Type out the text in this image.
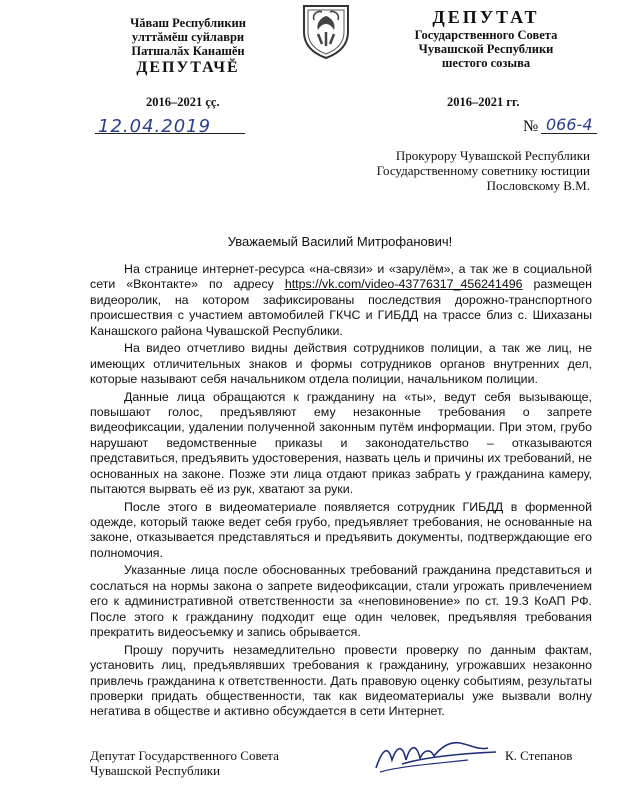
Чăваш Республикин
улттăмĕш суйлаври
Патшалăх Канашĕн
ДЕПУТАЧĔ
2016–2021 çç.
ДЕПУТАТ
Государственного Совета
Чувашской Республики
шестого созыва
2016–2021 гг.
12.04.2019	№ 066-4
Прокурору Чувашской Республики
Государственному советнику юстиции
Пословскому В.М.
Уважаемый Василий Митрофанович!

На странице интернет-ресурса «на-связи» и «зарулём», а так же в социальной сети «Вконтакте» по адресу https://vk.com/video-43776317_456241496 размещен видеоролик, на котором зафиксированы последствия дорожно-транспортного происшествия с участием автомобилей ГКЧС и ГИБДД на трассе близ с. Шихазаны Канашского района Чувашской Республики.

На видео отчетливо видны действия сотрудников полиции, а так же лиц, не имеющих отличительных знаков и формы сотрудников органов внутренних дел, которые называют себя начальником отдела полиции, начальником полиции.

Данные лица обращаются к гражданину на «ты», ведут себя вызывающе, повышают голос, предъявляют ему незаконные требования о запрете видеофиксации, удалении полученной законным путём информации. При этом, грубо нарушают ведомственные приказы и законодательство – отказываются представиться, предъявить удостоверения, назвать цель и причины их требований, не основанных на законе. Позже эти лица отдают приказ забрать у гражданина камеру, пытаются вырвать её из рук, хватают за руки.

После этого в видеоматериале появляется сотрудник ГИБДД в форменной одежде, который также ведет себя грубо, предъявляет требования, не основанные на законе, отказывается представляться и предъявить документы, подтверждающие его полномочия.

Указанные лица после обоснованных требований гражданина представиться и сослаться на нормы закона о запрете видеофиксации, стали угрожать привлечением его к административной ответственности за «неповиновение» по ст. 19.3 КоАП РФ. После этого к гражданину подходит еще один человек, предъявляя требования прекратить видеосъемку и запись обрывается.

Прошу поручить незамедлительно провести проверку по данным фактам, установить лиц, предъявлявших требования к гражданину, угрожавших незаконно привлечь гражданина к ответственности. Дать правовую оценку событиям, результаты проверки придать общественности, так как видеоматериалы уже вызвали волну негатива в обществе и активно обсуждается в сети Интернет.

Депутат Государственного Совета
Чувашской Республики
К. Степанов
